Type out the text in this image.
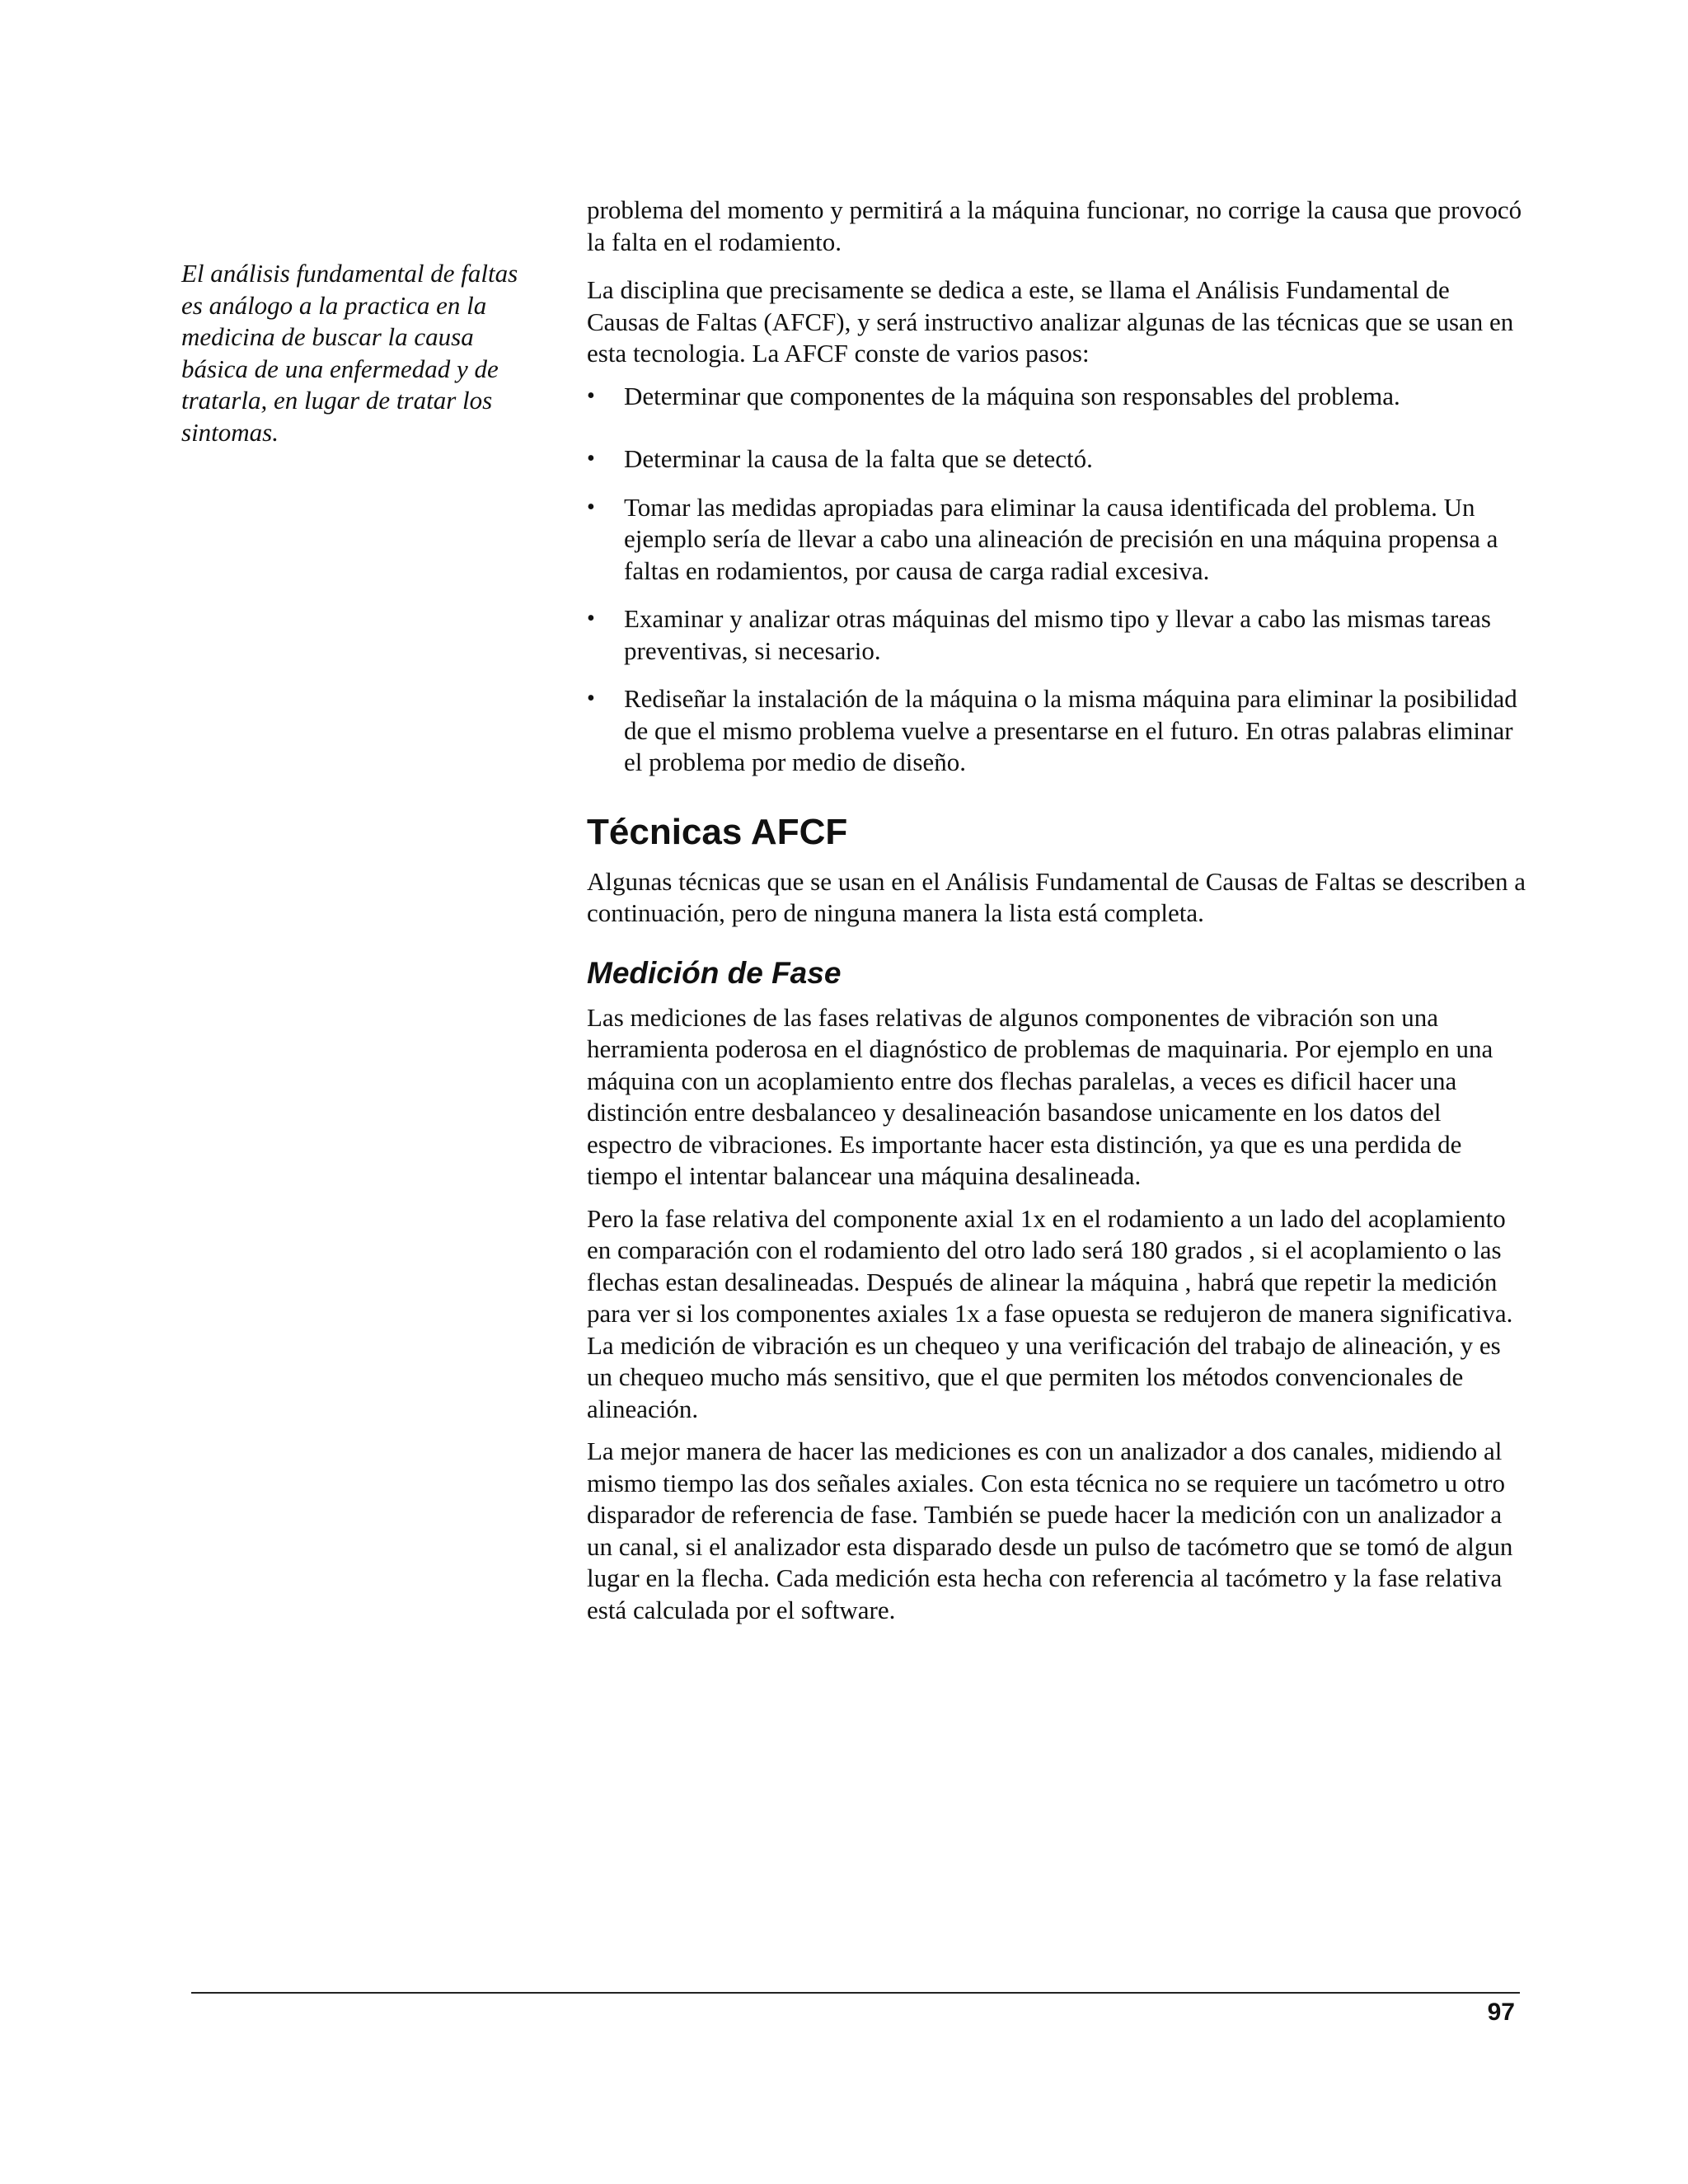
El análisis fundamental de faltas es análogo a la practica en la medicina de buscar la causa básica de una enfermedad y de tratarla, en lugar de tratar los sintomas.

problema del momento y permitirá a la máquina funcionar, no corrige la causa que provocó la falta en el rodamiento.

La disciplina que precisamente se dedica a este, se llama el Análisis Fundamental de Causas de Faltas (AFCF), y será instructivo analizar algunas de las técnicas que se usan en esta tecnologia. La AFCF conste de varios pasos:

• Determinar que componentes de la máquina son responsables del problema.
• Determinar la causa de la falta que se detectó.
• Tomar las medidas apropiadas para eliminar la causa identificada del problema. Un ejemplo sería de llevar a cabo una alineación de precisión en una máquina propensa a faltas en rodamientos, por causa de carga radial excesiva.
• Examinar y analizar otras máquinas del mismo tipo y llevar a cabo las mismas tareas preventivas, si necesario.
• Rediseñar la instalación de la máquina o la misma máquina para eliminar la posibilidad de que el mismo problema vuelve a presentarse en el futuro. En otras palabras eliminar el problema por medio de diseño.
Técnicas AFCF

Algunas técnicas que se usan en el Análisis Fundamental de Causas de Faltas se describen a continuación, pero de ninguna manera la lista está completa.

Medición de Fase

Las mediciones de las fases relativas de algunos componentes de vibración son una herramienta poderosa en el diagnóstico de problemas de maquinaria. Por ejemplo en una máquina con un acoplamiento entre dos flechas paralelas, a veces es dificil hacer una distinción entre desbalanceo y desalineación basandose unicamente en los datos del espectro de vibraciones. Es importante hacer esta distinción, ya que es una perdida de tiempo el intentar balancear una máquina desalineada.

Pero la fase relativa del componente axial 1x en el rodamiento a un lado del acoplamiento en comparación con el rodamiento del otro lado será 180 grados , si el acoplamiento o las flechas estan desalineadas. Después de alinear la máquina , habrá que repetir la medición para ver si los componentes axiales 1x a fase opuesta se redujeron de manera significativa. La medición de vibración es un chequeo y una verificación del trabajo de alineación, y es un chequeo mucho más sensitivo, que el que permiten los métodos convencionales de alineación.

La mejor manera de hacer las mediciones es con un analizador a dos canales, midiendo al mismo tiempo las dos señales axiales. Con esta técnica no se requiere un tacómetro u otro disparador de referencia de fase. También se puede hacer la medición con un analizador a un canal, si el analizador esta disparado desde un pulso de tacómetro que se tomó de algun lugar en la flecha. Cada medición esta hecha con referencia al tacómetro y la fase relativa está calculada por el software.

97
